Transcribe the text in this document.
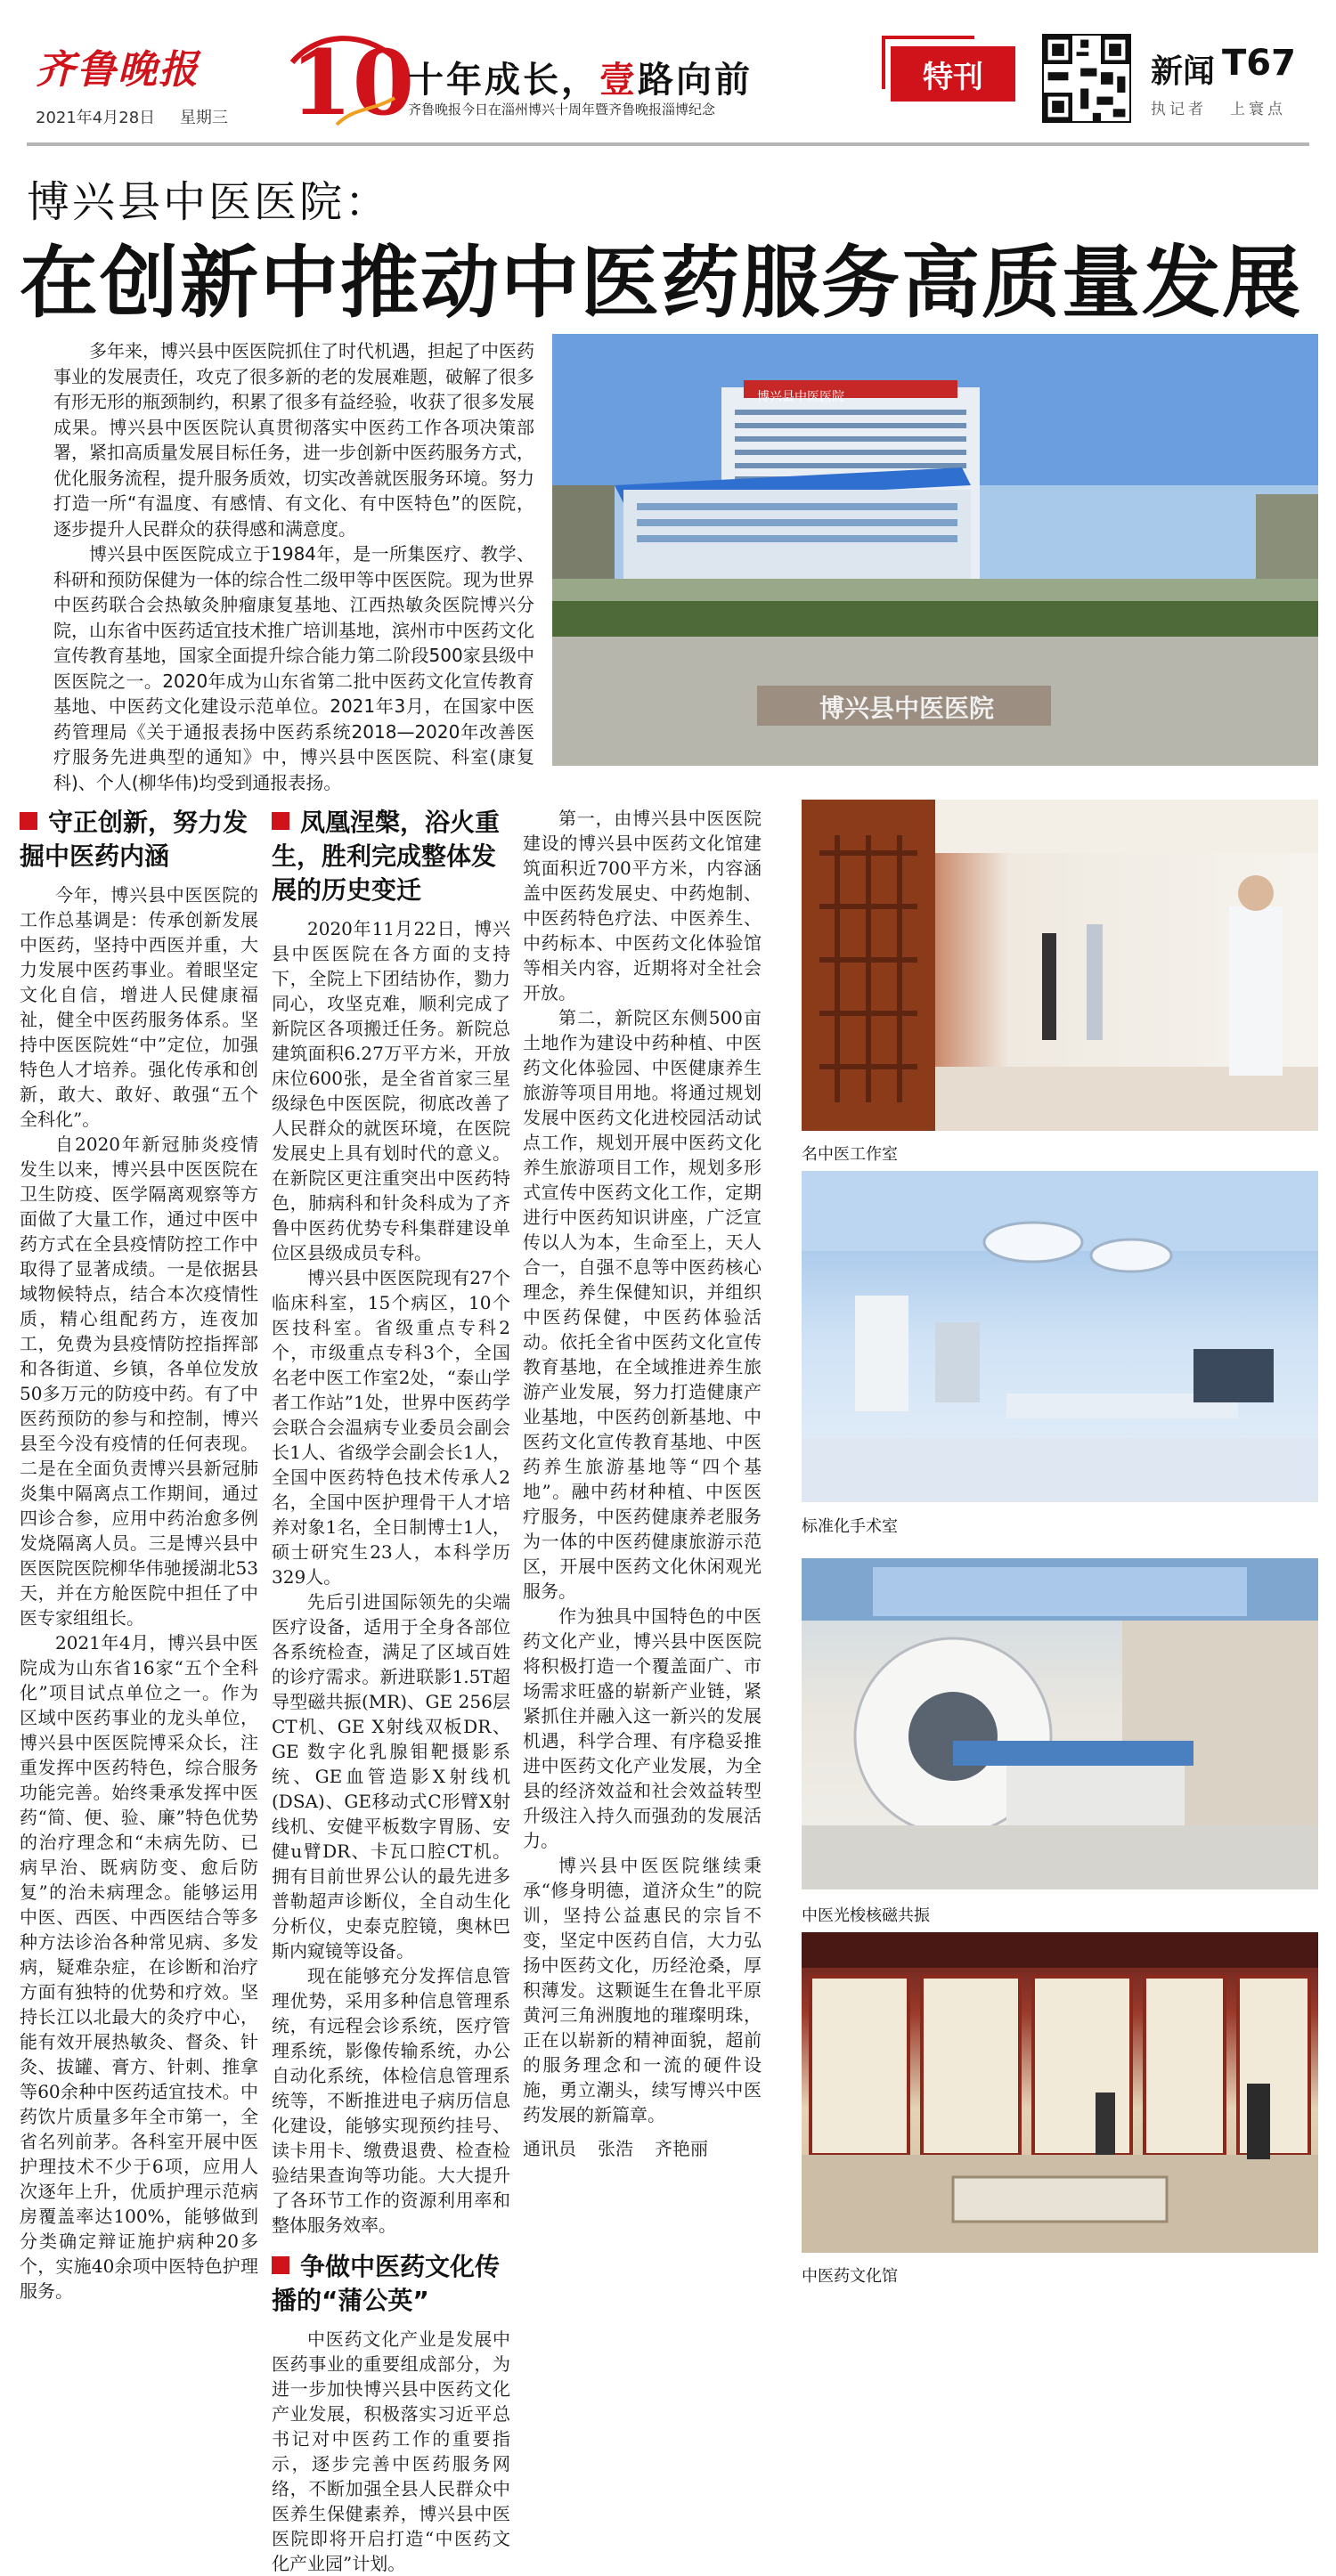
齐鲁晚报
2021年4月28日 星期三 10
十年成长，壹路向前
齐鲁晚报今日在淄州博兴十周年暨齐鲁晚报淄博纪念
特刊	新闻 T67
执记者 上寰点
博兴县中医医院：
在创新中推动中医药服务高质量发展

多年来，博兴县中医医院抓住了时代机遇，担起了中医药事业的发展责任，攻克了很多新的老的发展难题，破解了很多有形无形的瓶颈制约，积累了很多有益经验，收获了很多发展成果。博兴县中医医院认真贯彻落实中医药工作各项决策部署，紧扣高质量发展目标任务，进一步创新中医药服务方式，优化服务流程，提升服务质效，切实改善就医服务环境。努力打造一所“有温度、有感情、有文化、有中医特色”的医院，逐步提升人民群众的获得感和满意度。

博兴县中医医院成立于1984年，是一所集医疗、教学、科研和预防保健为一体的综合性二级甲等中医医院。现为世界中医药联合会热敏灸肿瘤康复基地、江西热敏灸医院博兴分院，山东省中医药适宜技术推广培训基地，滨州市中医药文化宣传教育基地，国家全面提升综合能力第二阶段500家县级中医医院之一。2020年成为山东省第二批中医药文化宣传教育基地、中医药文化建设示范单位。2021年3月，在国家中医药管理局《关于通报表扬中医药系统2018—2020年改善医疗服务先进典型的通知》中，博兴县中医医院、科室(康复科)、个人(柳华伟)均受到通报表扬。

博兴县中医医院
博兴县中医医院
守正创新，努力发掘中医药内涵

今年，博兴县中医医院的工作总基调是：传承创新发展中医药，坚持中西医并重，大力发展中医药事业。着眼坚定文化自信，增进人民健康福祉，健全中医药服务体系。坚持中医医院姓“中”定位，加强特色人才培养。强化传承和创新，敢大、敢好、敢强“五个全科化”。

自2020年新冠肺炎疫情发生以来，博兴县中医医院在卫生防疫、医学隔离观察等方面做了大量工作，通过中医中药方式在全县疫情防控工作中取得了显著成绩。一是依据县域物候特点，结合本次疫情性质，精心组配药方，连夜加工，免费为县疫情防控指挥部和各街道、乡镇，各单位发放50多万元的防疫中药。有了中医药预防的参与和控制，博兴县至今没有疫情的任何表现。二是在全面负责博兴县新冠肺炎集中隔离点工作期间，通过四诊合参，应用中药治愈多例发烧隔离人员。三是博兴县中医医院医院柳华伟驰援湖北53天，并在方舱医院中担任了中医专家组组长。

2021年4月，博兴县中医院成为山东省16家“五个全科化”项目试点单位之一。作为区域中医药事业的龙头单位，博兴县中医医院博采众长，注重发挥中医药特色，综合服务功能完善。始终秉承发挥中医药“简、便、验、廉”特色优势的治疗理念和“未病先防、已病早治、既病防变、愈后防复”的治未病理念。能够运用中医、西医、中西医结合等多种方法诊治各种常见病、多发病，疑难杂症，在诊断和治疗方面有独特的优势和疗效。坚持长江以北最大的灸疗中心，能有效开展热敏灸、督灸、针灸、拔罐、膏方、针刺、推拿等60余种中医药适宜技术。中药饮片质量多年全市第一，全省名列前茅。各科室开展中医护理技术不少于6项，应用人次逐年上升，优质护理示范病房覆盖率达100%，能够做到分类确定辩证施护病种20多个，实施40余项中医特色护理服务。

凤凰涅槃，浴火重生，胜利完成整体发展的历史变迁

2020年11月22日，博兴县中医医院在各方面的支持下，全院上下团结协作，勠力同心，攻坚克难，顺利完成了新院区各项搬迁任务。新院总建筑面积6.27万平方米，开放床位600张，是全省首家三星级绿色中医医院，彻底改善了人民群众的就医环境，在医院发展史上具有划时代的意义。在新院区更注重突出中医药特色，肺病科和针灸科成为了齐鲁中医药优势专科集群建设单位区县级成员专科。

博兴县中医医院现有27个临床科室，15个病区，10个医技科室。省级重点专科2个，市级重点专科3个，全国名老中医工作室2处，“泰山学者工作站”1处，世界中医药学会联合会温病专业委员会副会长1人、省级学会副会长1人，全国中医药特色技术传承人2名，全国中医护理骨干人才培养对象1名，全日制博士1人，硕士研究生23人，本科学历329人。

先后引进国际领先的尖端医疗设备，适用于全身各部位各系统检查，满足了区域百姓的诊疗需求。新进联影1.5T超导型磁共振(MR)、GE 256层CT机、GE X射线双板DR、GE 数字化乳腺钼靶摄影系统、GE血管造影X射线机(DSA)、GE移动式C形臂X射线机、安健平板数字胃肠、安健u臂DR、卡瓦口腔CT机。拥有目前世界公认的最先进多普勒超声诊断仪，全自动生化分析仪，史泰克腔镜，奥林巴斯内窥镜等设备。

现在能够充分发挥信息管理优势，采用多种信息管理系统，有远程会诊系统，医疗管理系统，影像传输系统，办公自动化系统，体检信息管理系统等，不断推进电子病历信息化建设，能够实现预约挂号、读卡用卡、缴费退费、检查检验结果查询等功能。大大提升了各环节工作的资源利用率和整体服务效率。

争做中医药文化传播的“蒲公英”

中医药文化产业是发展中医药事业的重要组成部分，为进一步加快博兴县中医药文化产业发展，积极落实习近平总书记对中医药工作的重要指示，逐步完善中医药服务网络，不断加强全县人民群众中医养生保健素养，博兴县中医医院即将开启打造“中医药文化产业园”计划。

第一，由博兴县中医医院建设的博兴县中医药文化馆建筑面积近700平方米，内容涵盖中医药发展史、中药炮制、中医药特色疗法、中医养生、中药标本、中医药文化体验馆等相关内容，近期将对全社会开放。

第二，新院区东侧500亩土地作为建设中药种植、中医药文化体验园、中医健康养生旅游等项目用地。将通过规划发展中医药文化进校园活动试点工作，规划开展中医药文化养生旅游项目工作，规划多形式宣传中医药文化工作，定期进行中医药知识讲座，广泛宣传以人为本，生命至上，天人合一，自强不息等中医药核心理念，养生保健知识，并组织中医药保健，中医药体验活动。依托全省中医药文化宣传教育基地，在全域推进养生旅游产业发展，努力打造健康产业基地，中医药创新基地、中医药文化宣传教育基地、中医药养生旅游基地等“四个基地”。融中药材种植、中医医疗服务，中医药健康养老服务为一体的中医药健康旅游示范区，开展中医药文化休闲观光服务。

作为独具中国特色的中医药文化产业，博兴县中医医院将积极打造一个覆盖面广、市场需求旺盛的崭新产业链，紧紧抓住并融入这一新兴的发展机遇，科学合理、有序稳妥推进中医药文化产业发展，为全县的经济效益和社会效益转型升级注入持久而强劲的发展活力。

博兴县中医医院继续秉承“修身明德，道济众生”的院训，坚持公益惠民的宗旨不变，坚定中医药自信，大力弘扬中医药文化，历经沧桑，厚积薄发。这颗诞生在鲁北平原黄河三角洲腹地的璀璨明珠，正在以崭新的精神面貌，超前的服务理念和一流的硬件设施，勇立潮头，续写博兴中医药发展的新篇章。

通讯员 张浩 齐艳丽
名中医工作室
标准化手术室
中医光梭核磁共振
中医药文化馆
